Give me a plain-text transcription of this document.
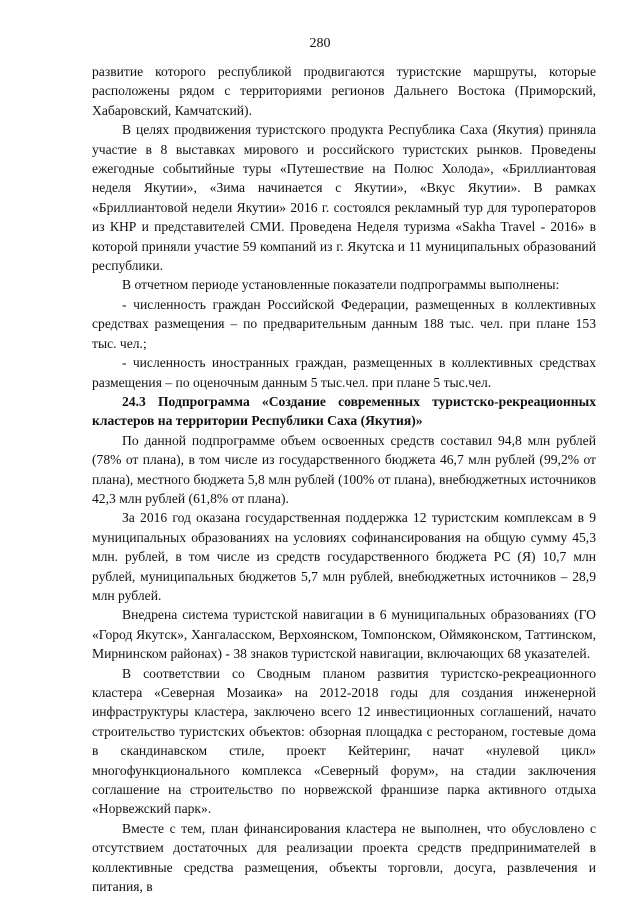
280

развитие которого республикой продвигаются туристские маршруты, которые расположены рядом с территориями регионов Дальнего Востока (Приморский, Хабаровский, Камчатский).

В целях продвижения туристского продукта Республика Саха (Якутия) приняла участие в 8 выставках мирового и российского туристских рынков. Проведены ежегодные событийные туры «Путешествие на Полюс Холода», «Бриллиантовая неделя Якутии», «Зима начинается с Якутии», «Вкус Якутии». В рамках «Бриллиантовой недели Якутии» 2016 г. состоялся рекламный тур для туроператоров из КНР и представителей СМИ. Проведена Неделя туризма «Sakha Travel - 2016» в которой приняли участие 59 компаний из г. Якутска и 11 муниципальных образований республики.

В отчетном периоде установленные показатели подпрограммы выполнены:

- численность граждан Российской Федерации, размещенных в коллективных средствах размещения – по предварительным данным 188 тыс. чел. при плане 153 тыс. чел.;

- численность иностранных граждан, размещенных в коллективных средствах размещения – по оценочным данным 5 тыс.чел. при плане 5 тыс.чел.

24.3 Подпрограмма «Создание современных туристско-рекреационных кластеров на территории Республики Саха (Якутия)»

По данной подпрограмме объем освоенных средств составил 94,8 млн рублей (78% от плана), в том числе из государственного бюджета 46,7 млн рублей (99,2% от плана), местного бюджета 5,8 млн рублей (100% от плана), внебюджетных источников 42,3 млн рублей (61,8% от плана).

За 2016 год оказана государственная поддержка 12 туристским комплексам в 9 муниципальных образованиях на условиях софинансирования на общую сумму 45,3 млн. рублей, в том числе из средств государственного бюджета РС (Я) 10,7 млн рублей, муниципальных бюджетов 5,7 млн рублей, внебюджетных источников – 28,9 млн рублей.

Внедрена система туристской навигации в 6 муниципальных образованиях (ГО «Город Якутск», Хангаласском, Верхоянском, Томпонском, Оймяконском, Таттинском, Мирнинском районах) - 38 знаков туристской навигации, включающих 68 указателей.

В соответствии со Сводным планом развития туристско-рекреационного кластера «Северная Мозаика» на 2012-2018 годы для создания инженерной инфраструктуры кластера, заключено всего 12 инвестиционных соглашений, начато строительство туристских объектов: обзорная площадка с рестораном, гостевые дома в скандинавском стиле, проект Кейтеринг, начат «нулевой цикл» многофункционального комплекса «Северный форум», на стадии заключения соглашение на строительство по норвежской франшизе парка активного отдыха «Норвежский парк».

Вместе с тем, план финансирования кластера не выполнен, что обусловлено с отсутствием достаточных для реализации проекта средств предпринимателей в коллективные средства размещения, объекты торговли, досуга, развлечения и питания, в
